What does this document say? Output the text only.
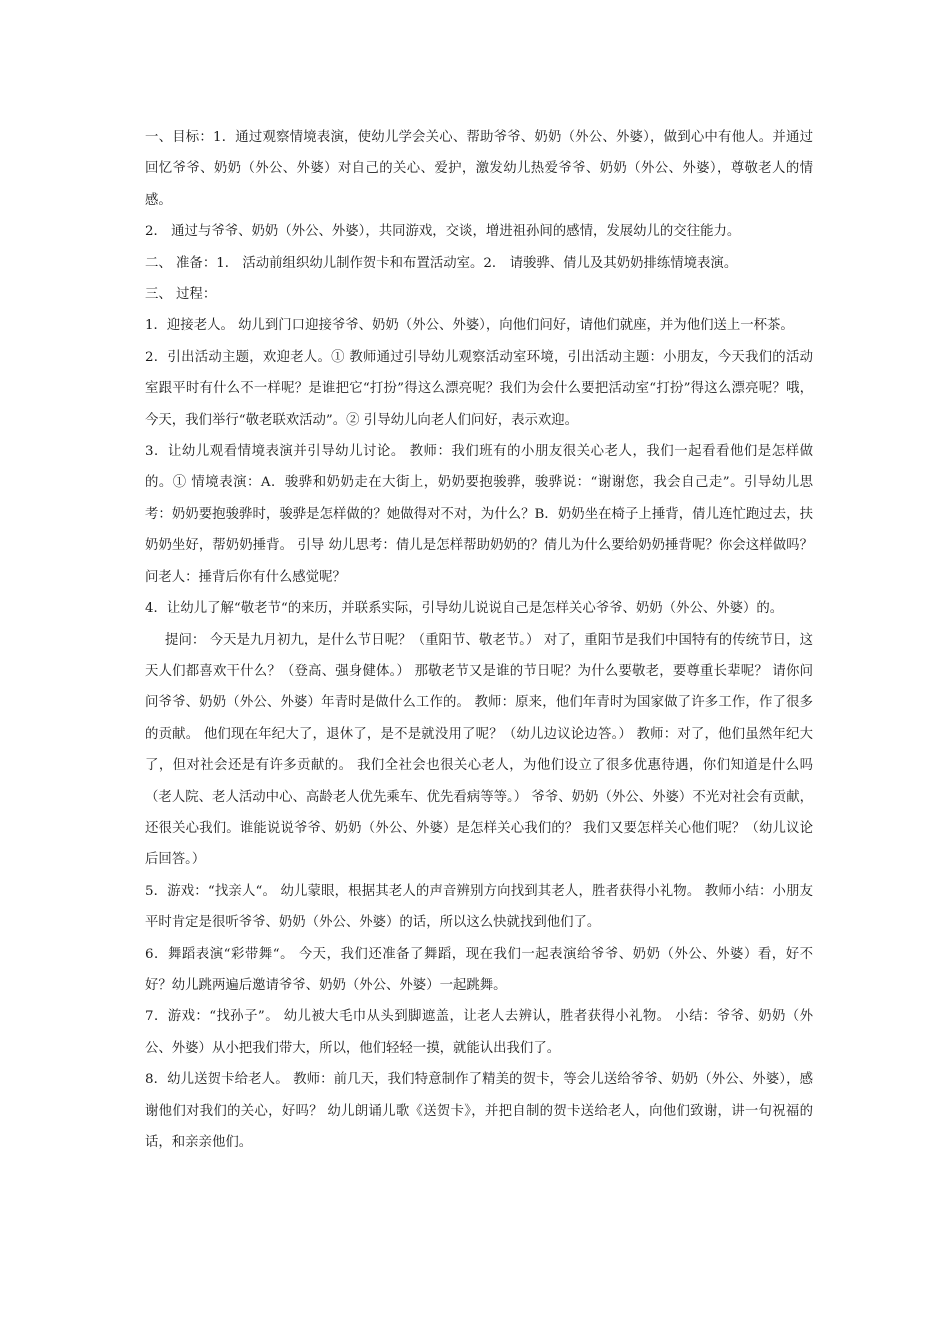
一、目标：1．通过观察情境表演，使幼儿学会关心、帮助爷爷、奶奶（外公、外婆），做到心中有他人。并通过回忆爷爷、奶奶（外公、外婆）对自己的关心、爱护，激发幼儿热爱爷爷、奶奶（外公、外婆），尊敬老人的情感。

2． 通过与爷爷、奶奶（外公、外婆），共同游戏，交谈，增进祖孙间的感情，发展幼儿的交往能力。

二、 准备：1． 活动前组织幼儿制作贺卡和布置活动室。2． 请骏骅、倩儿及其奶奶排练情境表演。

三、 过程：

1．迎接老人。 幼儿到门口迎接爷爷、奶奶（外公、外婆），向他们问好，请他们就座，并为他们送上一杯茶。

2．引出活动主题，欢迎老人。① 教师通过引导幼儿观察活动室环境，引出活动主题：小朋友，今天我们的活动室跟平时有什么不一样呢？是谁把它“打扮”得这么漂亮呢？我们为会什么要把活动室“打扮”得这么漂亮呢？哦，今天，我们举行“敬老联欢活动”。② 引导幼儿向老人们问好，表示欢迎。

3．让幼儿观看情境表演并引导幼儿讨论。 教师：我们班有的小朋友很关心老人，我们一起看看他们是怎样做的。① 情境表演：A．骏骅和奶奶走在大街上，奶奶要抱骏骅，骏骅说：“谢谢您，我会自己走”。引导幼儿思考：奶奶要抱骏骅时，骏骅是怎样做的？她做得对不对，为什么？B．奶奶坐在椅子上捶背，倩儿连忙跑过去，扶奶奶坐好，帮奶奶捶背。 引导 幼儿思考：倩儿是怎样帮助奶奶的？倩儿为什么要给奶奶捶背呢？你会这样做吗？问老人：捶背后你有什么感觉呢？

4．让幼儿了解“敬老节“的来历，并联系实际，引导幼儿说说自己是怎样关心爷爷、奶奶（外公、外婆）的。

提问： 今天是九月初九，是什么节日呢？（重阳节、敬老节。） 对了，重阳节是我们中国特有的传统节日，这天人们都喜欢干什么？（登高、强身健体。） 那敬老节又是谁的节日呢？为什么要敬老，要尊重长辈呢？ 请你问问爷爷、奶奶（外公、外婆）年青时是做什么工作的。 教师：原来，他们年青时为国家做了许多工作，作了很多的贡献。 他们现在年纪大了，退休了，是不是就没用了呢？（幼儿边议论边答。） 教师：对了，他们虽然年纪大了，但对社会还是有许多贡献的。 我们全社会也很关心老人，为他们设立了很多优惠待遇，你们知道是什么吗（老人院、老人活动中心、高龄老人优先乘车、优先看病等等。） 爷爷、奶奶（外公、外婆）不光对社会有贡献，还很关心我们。谁能说说爷爷、奶奶（外公、外婆）是怎样关心我们的？ 我们又要怎样关心他们呢？（幼儿议论后回答。）

5．游戏：“找亲人“。 幼儿蒙眼，根据其老人的声音辨别方向找到其老人，胜者获得小礼物。 教师小结：小朋友平时肯定是很听爷爷、奶奶（外公、外婆）的话，所以这么快就找到他们了。

6．舞蹈表演“彩带舞“。 今天，我们还准备了舞蹈，现在我们一起表演给爷爷、奶奶（外公、外婆）看，好不好？幼儿跳两遍后邀请爷爷、奶奶（外公、外婆）一起跳舞。

7．游戏：“找孙子”。 幼儿被大毛巾从头到脚遮盖，让老人去辨认，胜者获得小礼物。 小结：爷爷、奶奶（外公、外婆）从小把我们带大，所以，他们轻轻一摸，就能认出我们了。

8．幼儿送贺卡给老人。 教师：前几天，我们特意制作了精美的贺卡，等会儿送给爷爷、奶奶（外公、外婆），感谢他们对我们的关心，好吗？ 幼儿朗诵儿歌《送贺卡》，并把自制的贺卡送给老人，向他们致谢，讲一句祝福的话，和亲亲他们。
